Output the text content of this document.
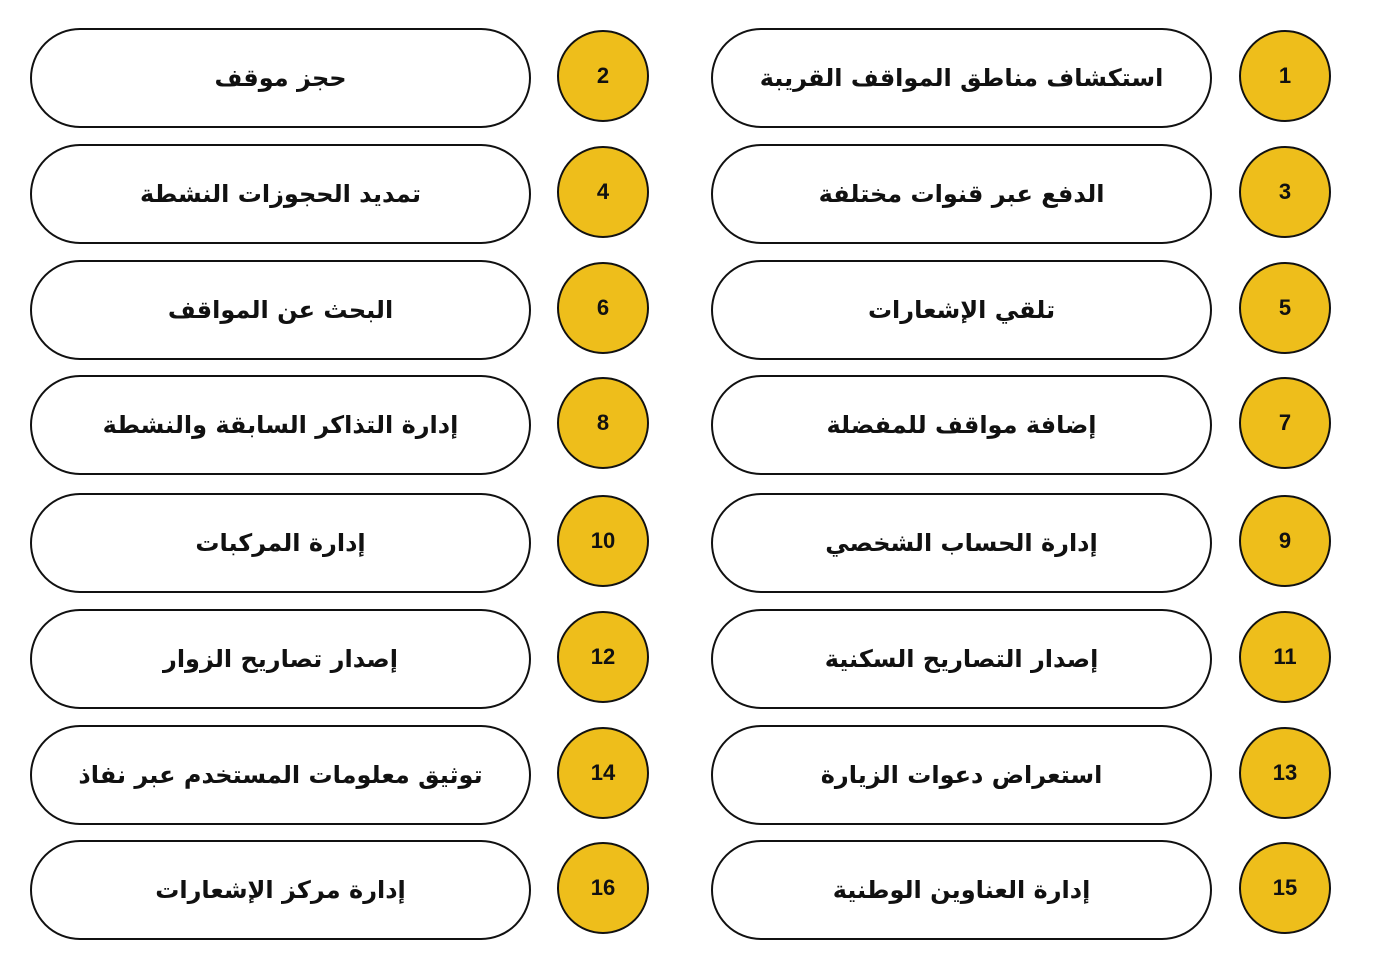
استكشاف مناطق المواقف القريبة	1
حجز موقف	2
الدفع عبر قنوات مختلفة	3
تمديد الحجوزات النشطة	4
تلقي الإشعارات	5
البحث عن المواقف	6
إضافة مواقف للمفضلة	7
إدارة التذاكر السابقة والنشطة	8
إدارة الحساب الشخصي	9
إدارة المركبات	10
إصدار التصاريح السكنية	11
إصدار تصاريح الزوار	12
استعراض دعوات الزيارة	13
توثيق معلومات المستخدم عبر نفاذ	14
إدارة العناوين الوطنية	15
إدارة مركز الإشعارات	16
